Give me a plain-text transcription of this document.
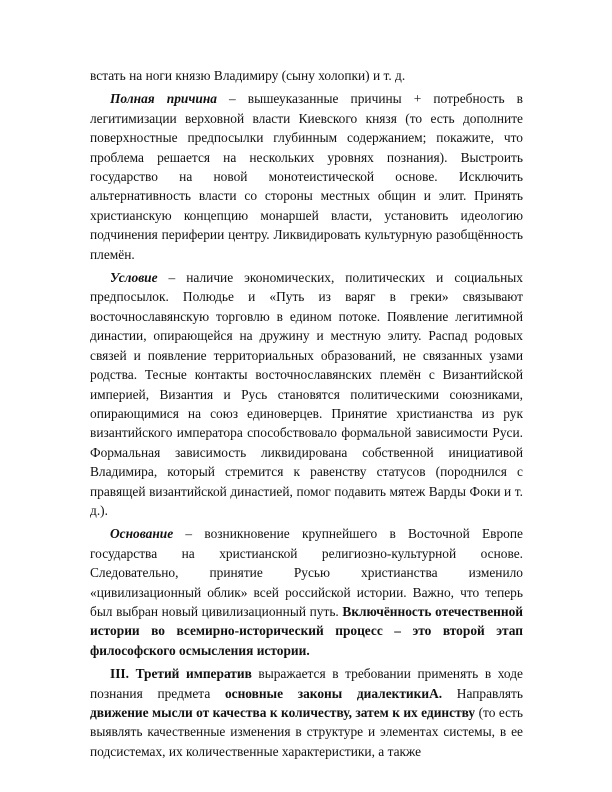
встать на ноги князю Владимиру (сыну холопки) и т. д.

Полная причина – вышеуказанные причины + потребность в легитимизации верховной власти Киевского князя (то есть дополните поверхностные предпосылки глубинным содержанием; покажите, что проблема решается на нескольких уровнях познания). Выстроить государство на новой монотеистической основе. Исключить альтернативность власти со стороны местных общин и элит. Принять христианскую концепцию монаршей власти, установить идеологию подчинения периферии центру. Ликвидировать культурную разобщённость племён.

Условие – наличие экономических, политических и социальных предпосылок. Полюдье и «Путь из варяг в греки» связывают восточнославянскую торговлю в едином потоке. Появление легитимной династии, опирающейся на дружину и местную элиту. Распад родовых связей и появление территориальных образований, не связанных узами родства. Тесные контакты восточнославянских племён с Византийской империей, Византия и Русь становятся политическими союзниками, опирающимися на союз единоверцев. Принятие христианства из рук византийского императора способствовало формальной зависимости Руси. Формальная зависимость ликвидирована собственной инициативой Владимира, который стремится к равенству статусов (породнился с правящей византийской династией, помог подавить мятеж Варды Фоки и т. д.).

Основание – возникновение крупнейшего в Восточной Европе государства на христианской религиозно-культурной основе. Следовательно, принятие Русью христианства изменило «цивилизационный облик» всей российской истории. Важно, что теперь был выбран новый цивилизационный путь. Включённость отечественной истории во всемирно-исторический процесс – это второй этап философского осмысления истории.

III. Третий императив выражается в требовании применять в ходе познания предмета основные законы диалектикиА. Направлять движение мысли от качества к количеству, затем к их единству (то есть выявлять качественные изменения в структуре и элементах системы, в ее подсистемах, их количественные характеристики, а также
